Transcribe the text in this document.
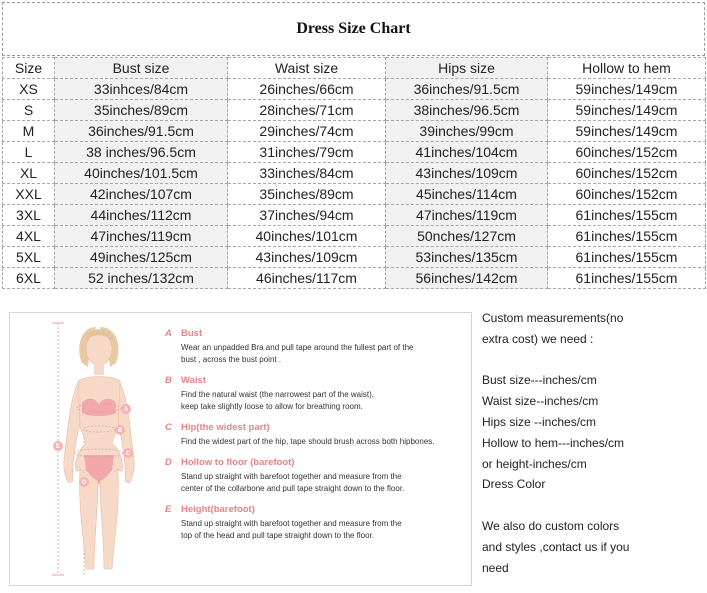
Dress Size Chart
Size	Bust size	Waist size	Hips size	Hollow to hem
XS	33inhces/84cm	26inches/66cm	36inches/91.5cm	59inches/149cm
S	35inches/89cm	28inches/71cm	38inches/96.5cm	59inches/149cm
M	36inches/91.5cm	29inches/74cm	39inches/99cm	59inches/149cm
L	38 inches/96.5cm	31inches/79cm	41inches/104cm	60inches/152cm
XL	40inches/101.5cm	33inches/84cm	43inches/109cm	60inches/152cm
XXL	42inches/107cm	35inches/89cm	45inches/114cm	60inches/152cm
3XL	44inches/112cm	37inches/94cm	47inches/119cm	61inches/155cm
4XL	47inches/119cm	40inches/101cm	50nches/127cm	61inches/155cm
5XL	49inches/125cm	43inches/109cm	53inches/135cm	61inches/155cm
6XL	52 inches/132cm	46inches/117cm	56inches/142cm	61inches/155cm
A
B
C
D
E
A Bust
Wear an unpadded Bra and pull tape around the fullest part of the
bust , across the bust point .
B Waist
Find the natural waist (the narrowest part of the waist),
keep take slightly loose to allow for breathing room.
C Hip(the widest part)
Find the widest part of the hip, tape should brush across both hipbones.
D Hollow to floor (barefoot)
Stand up straight with barefoot together and measure from the
center of the collarbone and pull tape straight down to the floor.
E Height(barefoot)
Stand up straight with barefoot together and measure from the
top of the head and pull tape straight down to the floor.
Custom measurements(no
extra cost) we need :
Bust size---inches/cm
Waist size--inches/cm
Hips size --inches/cm
Hollow to hem---inches/cm
or height-inches/cm
Dress Color
We also do custom colors
and styles ,contact us if you
need
